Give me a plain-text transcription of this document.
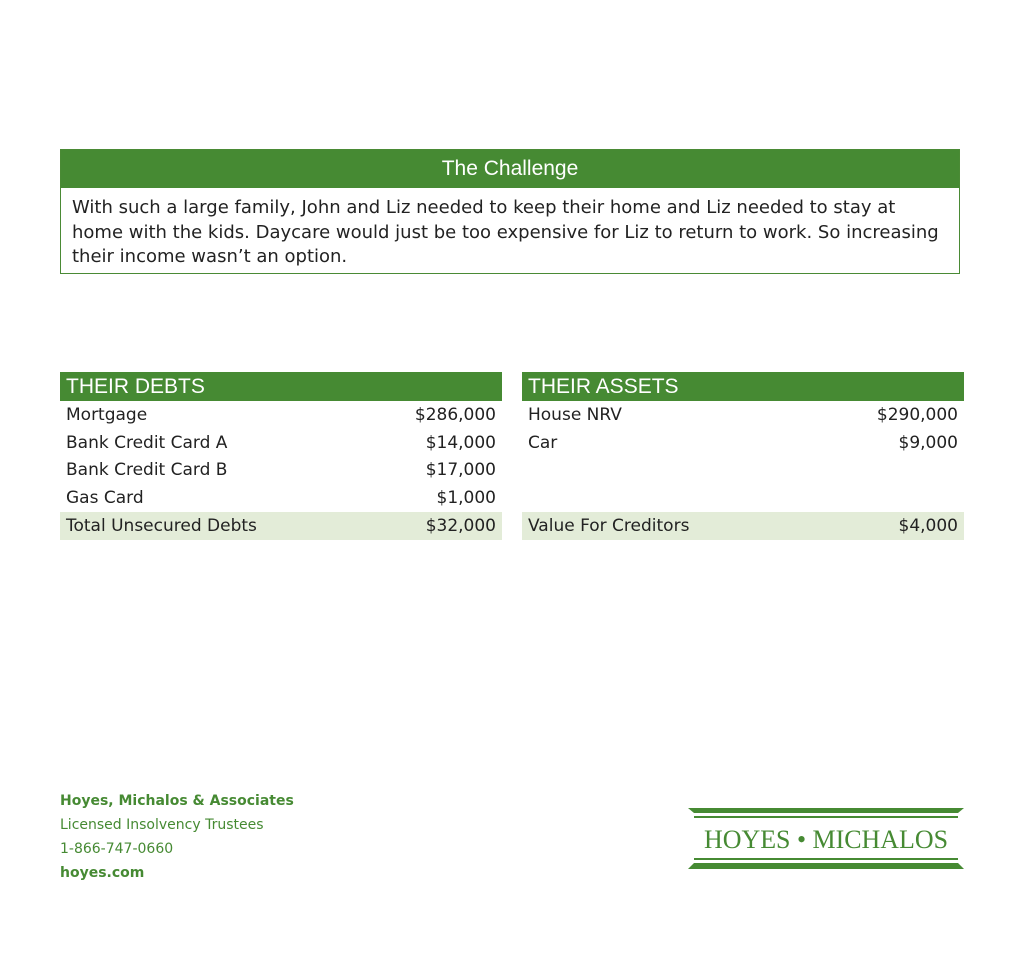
The Challenge
With such a large family, John and Liz needed to keep their home and Liz needed to stay at home with the kids. Daycare would just be too expensive for Liz to return to work. So increasing their income wasn’t an option.
THEIR DEBTS
Mortgage	$286,000
Bank Credit Card A	$14,000
Bank Credit Card B	$17,000
Gas Card	$1,000
Total Unsecured Debts	$32,000
THEIR ASSETS
House NRV	$290,000
Car	$9,000
Value For Creditors	$4,000
Hoyes, Michalos & Associates
Licensed Insolvency Trustees
1-866-747-0660
hoyes.com
HOYES • MICHALOS
